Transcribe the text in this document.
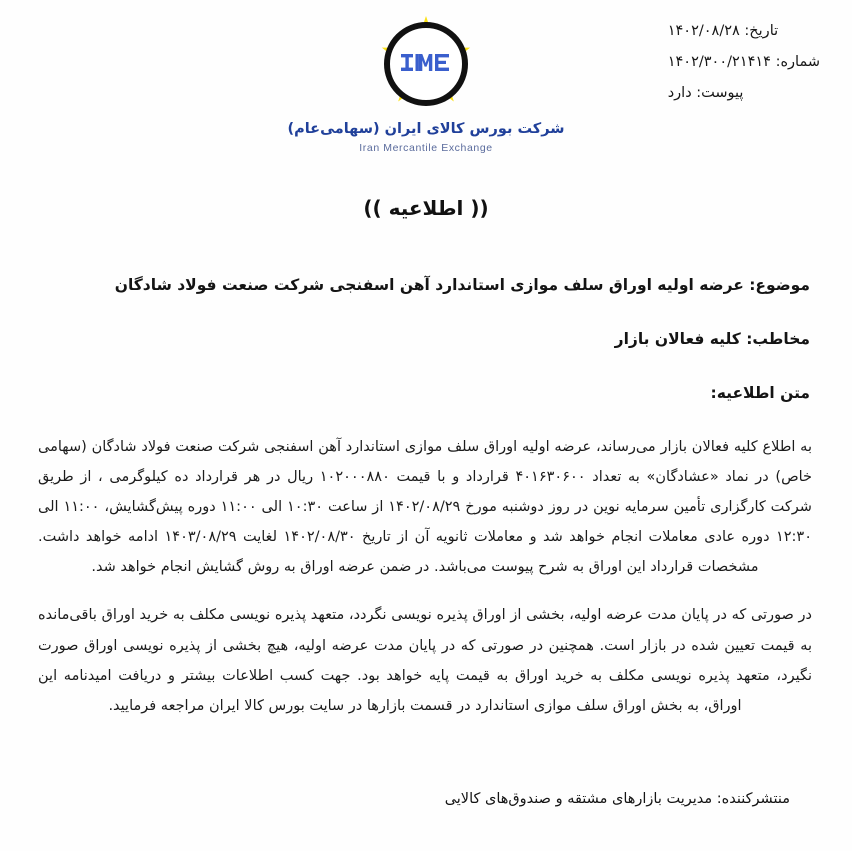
تاریخ: ۱۴۰۲/۰۸/۲۸
شماره: ۱۴۰۲/۳۰۰/۲۱۴۱۴
پیوست: دارد
شرکت بورس کالای ایران (سهامی‌عام)
Iran Mercantile Exchange
(( اطلاعیه ))
موضوع: عرضه اولیه اوراق سلف موازی استاندارد آهن اسفنجی شرکت صنعت فولاد شادگان
مخاطب: کلیه فعالان بازار
متن اطلاعیه:

به اطلاع کلیه فعالان بازار می‌رساند، عرضه اولیه اوراق سلف موازی استاندارد آهن اسفنجی شرکت صنعت فولاد شادگان (سهامی خاص) در نماد «عشادگان» به تعداد ۴۰۱۶۳۰۶۰۰ قرارداد و با قیمت ۱۰۲۰۰۰۸۸۰ ریال در هر قرارداد ده کیلوگرمی ، از طریق شرکت کارگزاری تأمین سرمایه نوین در روز دوشنبه مورخ ۱۴۰۲/۰۸/۲۹ از ساعت ۱۰:۳۰ الی ۱۱:۰۰ دوره پیش‌گشایش، ۱۱:۰۰ الی ۱۲:۳۰ دوره عادی معاملات انجام خواهد شد و معاملات ثانویه آن از تاریخ ۱۴۰۲/۰۸/۳۰ لغایت ۱۴۰۳/۰۸/۲۹ ادامه خواهد داشت. مشخصات قرارداد این اوراق به شرح پیوست می‌باشد. در ضمن عرضه اوراق به روش گشایش انجام خواهد شد.

در صورتی که در پایان مدت عرضه اولیه، بخشی از اوراق پذیره نویسی نگردد، متعهد پذیره نویسی مکلف به خرید اوراق باقی‌مانده به قیمت تعیین شده در بازار است. همچنین در صورتی که در پایان مدت عرضه اولیه، هیچ بخشی از پذیره نویسی اوراق صورت نگیرد، متعهد پذیره نویسی مکلف به خرید اوراق به قیمت پایه خواهد بود. جهت کسب اطلاعات بیشتر و دریافت امیدنامه این اوراق، به بخش اوراق سلف موازی استاندارد در قسمت بازارها در سایت بورس کالا ایران مراجعه فرمایید.

منتشرکننده: مدیریت بازارهای مشتقه و صندوق‌های کالایی
